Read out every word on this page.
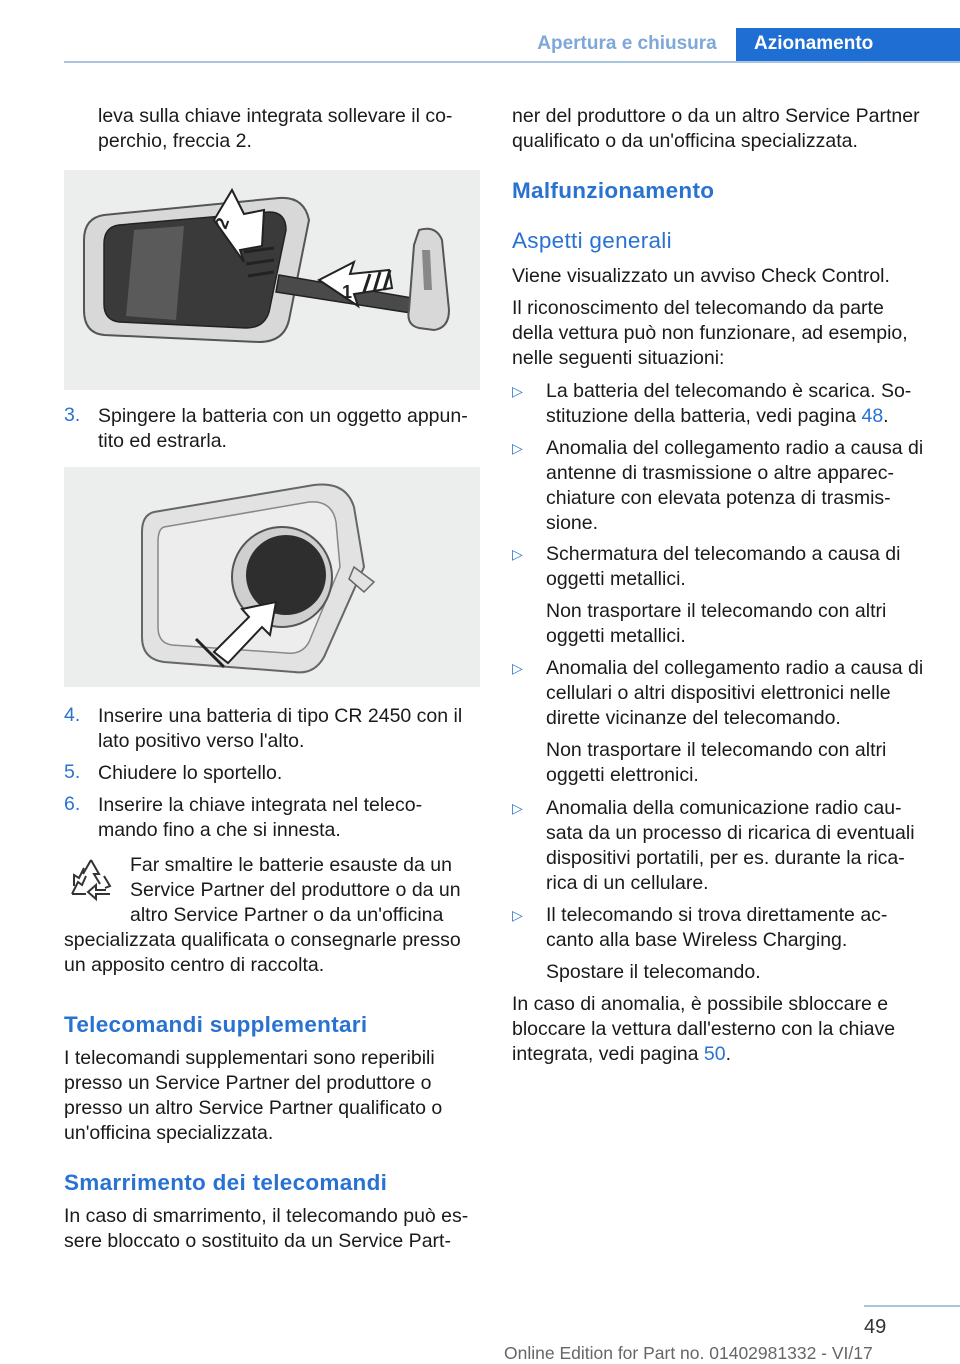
Apertura e chiusura	Azionamento

leva sulla chiave integrata sollevare il co-

perchio, freccia 2.

2
1
3. Spingere la batteria con un oggetto appun-

tito ed estrarla.

4. Inserire una batteria di tipo CR 2450 con il

lato positivo verso l'alto.

5. Chiudere lo sportello.

6. Inserire la chiave integrata nel teleco-

mando fino a che si innesta.

Far smaltire le batterie esauste da un

Service Partner del produttore o da un

altro Service Partner o da un'officina

specializzata qualificata o consegnarle presso

un apposito centro di raccolta.

Telecomandi supplementari

I telecomandi supplementari sono reperibili

presso un Service Partner del produttore o

presso un altro Service Partner qualificato o

un'officina specializzata.

Smarrimento dei telecomandi

In caso di smarrimento, il telecomando può es-

sere bloccato o sostituito da un Service Part-

ner del produttore o da un altro Service Partner

qualificato o da un'officina specializzata.

Malfunzionamento
Aspetti generali

Viene visualizzato un avviso Check Control.

Il riconoscimento del telecomando da parte

della vettura può non funzionare, ad esempio,

nelle seguenti situazioni:

▷ La batteria del telecomando è scarica. So-

stituzione della batteria, vedi pagina 48.

▷ Anomalia del collegamento radio a causa di

antenne di trasmissione o altre apparec-

chiature con elevata potenza di trasmis-

sione.

▷ Schermatura del telecomando a causa di

oggetti metallici.

Non trasportare il telecomando con altri

oggetti metallici.

▷ Anomalia del collegamento radio a causa di

cellulari o altri dispositivi elettronici nelle

dirette vicinanze del telecomando.

Non trasportare il telecomando con altri

oggetti elettronici.

▷ Anomalia della comunicazione radio cau-

sata da un processo di ricarica di eventuali

dispositivi portatili, per es. durante la rica-

rica di un cellulare.

▷ Il telecomando si trova direttamente ac-

canto alla base Wireless Charging.

Spostare il telecomando.

In caso di anomalia, è possibile sbloccare e

bloccare la vettura dall'esterno con la chiave

integrata, vedi pagina 50.

49
Online Edition for Part no. 01402981332 - VI/17
